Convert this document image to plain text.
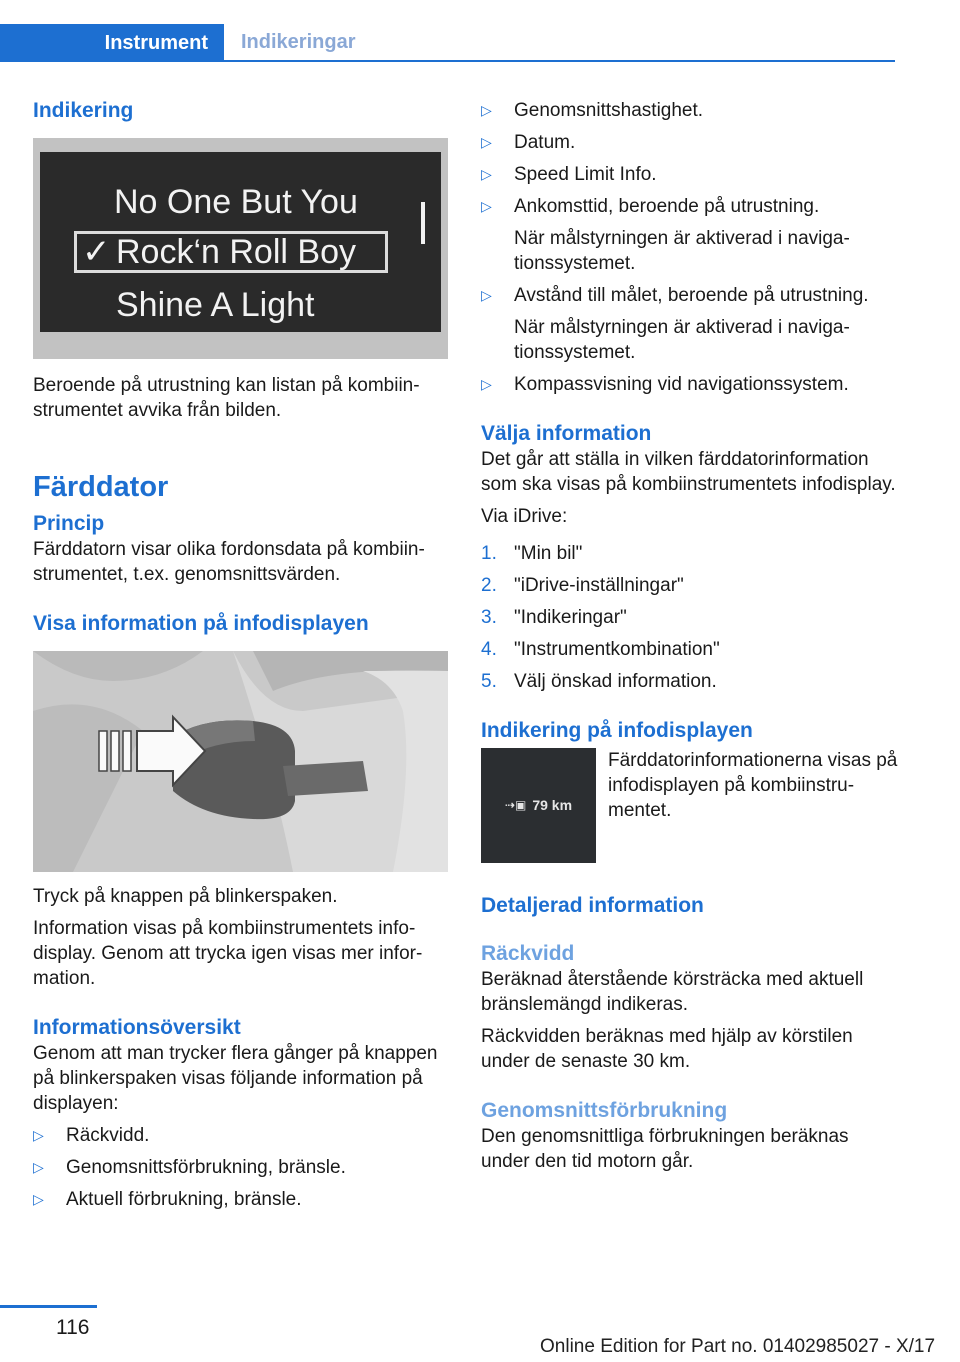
Instrument	Indikeringar
Indikering
No One But You
✓ Rock‘n Roll Boy
Shine A Light

Beroende på utrustning kan listan på kombiinstrumentet avvika från bilden.

Färddator
Princip

Färddatorn visar olika fordonsdata på kombiinstrumentet, t.ex. genomsnittsvärden.

Visa information på infodisplayen

Tryck på knappen på blinkerspaken.

Information visas på kombiinstrumentets infodisplay. Genom att trycka igen visas mer information.

Informationsöversikt

Genom att man trycker flera gånger på knappen på blinkerspaken visas följande information på displayen:

▷	Räckvidd.
▷	Genomsnittsförbrukning, bränsle.
▷	Aktuell förbrukning, bränsle.
▷	Genomsnittshastighet.
▷	Datum.
▷	Speed Limit Info.
▷	Ankomsttid, beroende på utrustning.

När målstyrningen är aktiverad i navigationssystemet.

▷	Avstånd till målet, beroende på utrustning.

När målstyrningen är aktiverad i navigationssystemet.

▷	Kompassvisning vid navigationssystem.
Välja information

Det går att ställa in vilken färddatorinformation som ska visas på kombiinstrumentets infodisplay.

Via iDrive:

1. "Min bil"
2. "iDrive-inställningar"
3. "Indikeringar"
4. "Instrumentkombination"
5. Välj önskad information.
Indikering på infodisplayen
⇢▣ 79 km

Färddatorinformationerna visas på infodisplayen på kombiinstrumentet.

Detaljerad information
Räckvidd

Beräknad återstående körsträcka med aktuell bränslemängd indikeras.

Räckvidden beräknas med hjälp av körstilen under de senaste 30 km.

Genomsnittsförbrukning

Den genomsnittliga förbrukningen beräknas under den tid motorn går.

116
Online Edition for Part no. 01402985027 - X/17
